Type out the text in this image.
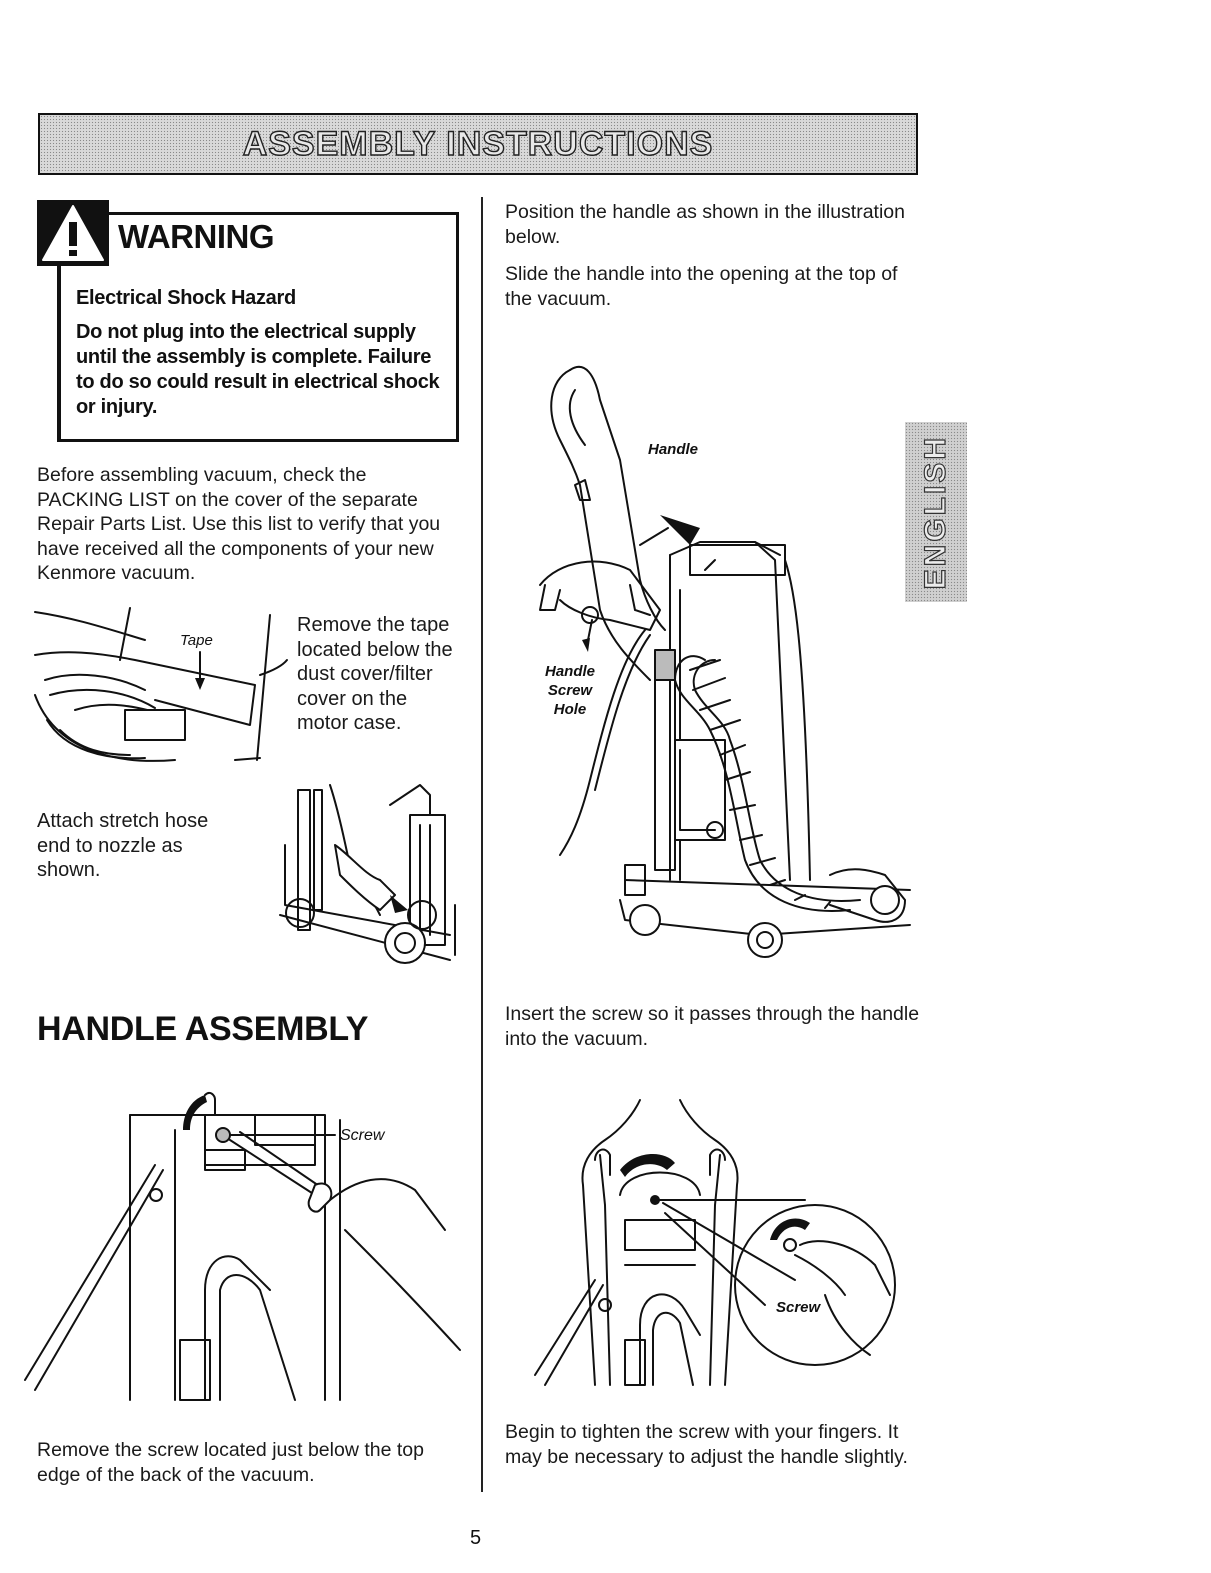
ASSEMBLY INSTRUCTIONS
WARNING
Electrical Shock Hazard
Do not plug into the electrical supply until the assembly is complete. Failure to do so could result in electrical shock or injury.
Before assembling vacuum, check the PACKING LIST on the cover of the separate Repair Parts List. Use this list to verify that you have received all the components of your new Kenmore vacuum.
Tape
Remove the tape located below the dust cover/filter cover on the motor case.
Attach stretch hose end to nozzle as shown.
HANDLE ASSEMBLY
Screw
Remove the screw located just below the top edge of the back of the vacuum.
Position the handle as shown in the illustration below.
Slide the handle into the opening at the top of the vacuum.
Handle
Handle Screw Hole
Insert the screw so it passes through the handle into the vacuum.
Screw
Begin to tighten the screw with your fingers. It may be necessary to adjust the handle slightly.
ENGLISH
5
